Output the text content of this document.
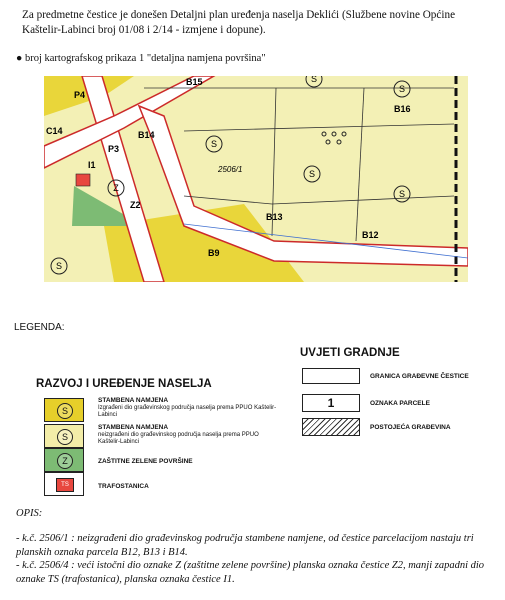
Za predmetne čestice je donešen Detaljni plan uređenja naselja Deklići (Službene novine Općine
Kaštelir-Labinci broj 01/08 i 2/14 - izmjene i dopune).
● broj kartografskog prikaza 1 "detaljna namjena površina"
S
S
S
S
S
S
Z
P4
C14
P3
B14
B15
B16
B13
B12
B9
Z2
I1	2506/1
LEGENDA:
UVJETI GRADNJE
RAZVOJ I UREĐENJE NASELJA
S
STAMBENA NAMJENA
Izgrađeni dio građevinskog područja naselja prema PPUO Kaštelir-Labinci
S
STAMBENA NAMJENA
neizgrađeni dio građevinskog područja naselja prema PPUO Kaštelir-Labinci
Z	ZAŠTITNE ZELENE POVRŠINE
TS	TRAFOSTANICA
GRANICA GRAĐEVNE ČESTICE
1	OZNAKA PARCELE
POSTOJEĆA GRAĐEVINA
OPIS:

- k.č. 2506/1 : neizgrađeni dio građevinskog područja stambene namjene, od čestice parcelacijom nastaju tri planskih oznaka parcela B12, B13 i B14.

- k.č. 2506/4 : veći istočni dio oznake Z (zaštitne zelene površine) planska oznaka čestice Z2, manji zapadni dio oznake TS (trafostanica), planska oznaka čestice I1.
